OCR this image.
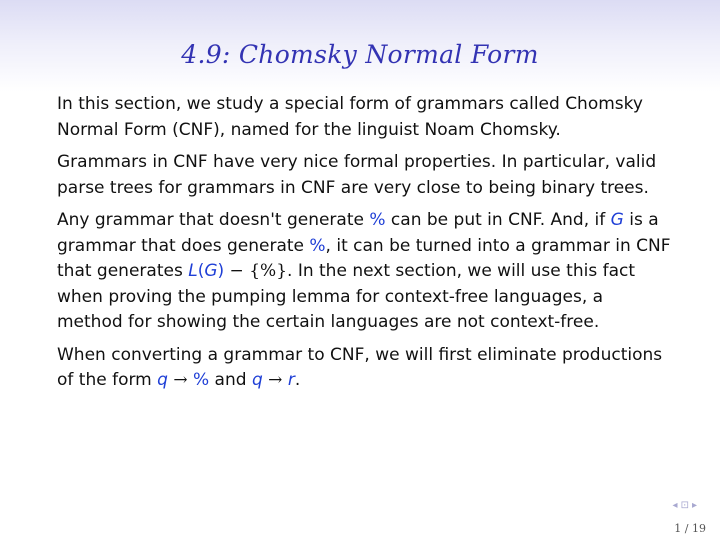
4.9: Chomsky Normal Form

In this section, we study a special form of grammars called Chomsky Normal Form (CNF), named for the linguist Noam Chomsky.

Grammars in CNF have very nice formal properties. In particular, valid parse trees for grammars in CNF are very close to being binary trees.

Any grammar that doesn't generate % can be put in CNF. And, if G is a grammar that does generate %, it can be turned into a grammar in CNF that generates L(G) − {%}. In the next section, we will use this fact when proving the pumping lemma for context-free languages, a method for showing the certain languages are not context-free.

When converting a grammar to CNF, we will first eliminate productions of the form q → % and q → r.

◂⊡▸
1 / 19
